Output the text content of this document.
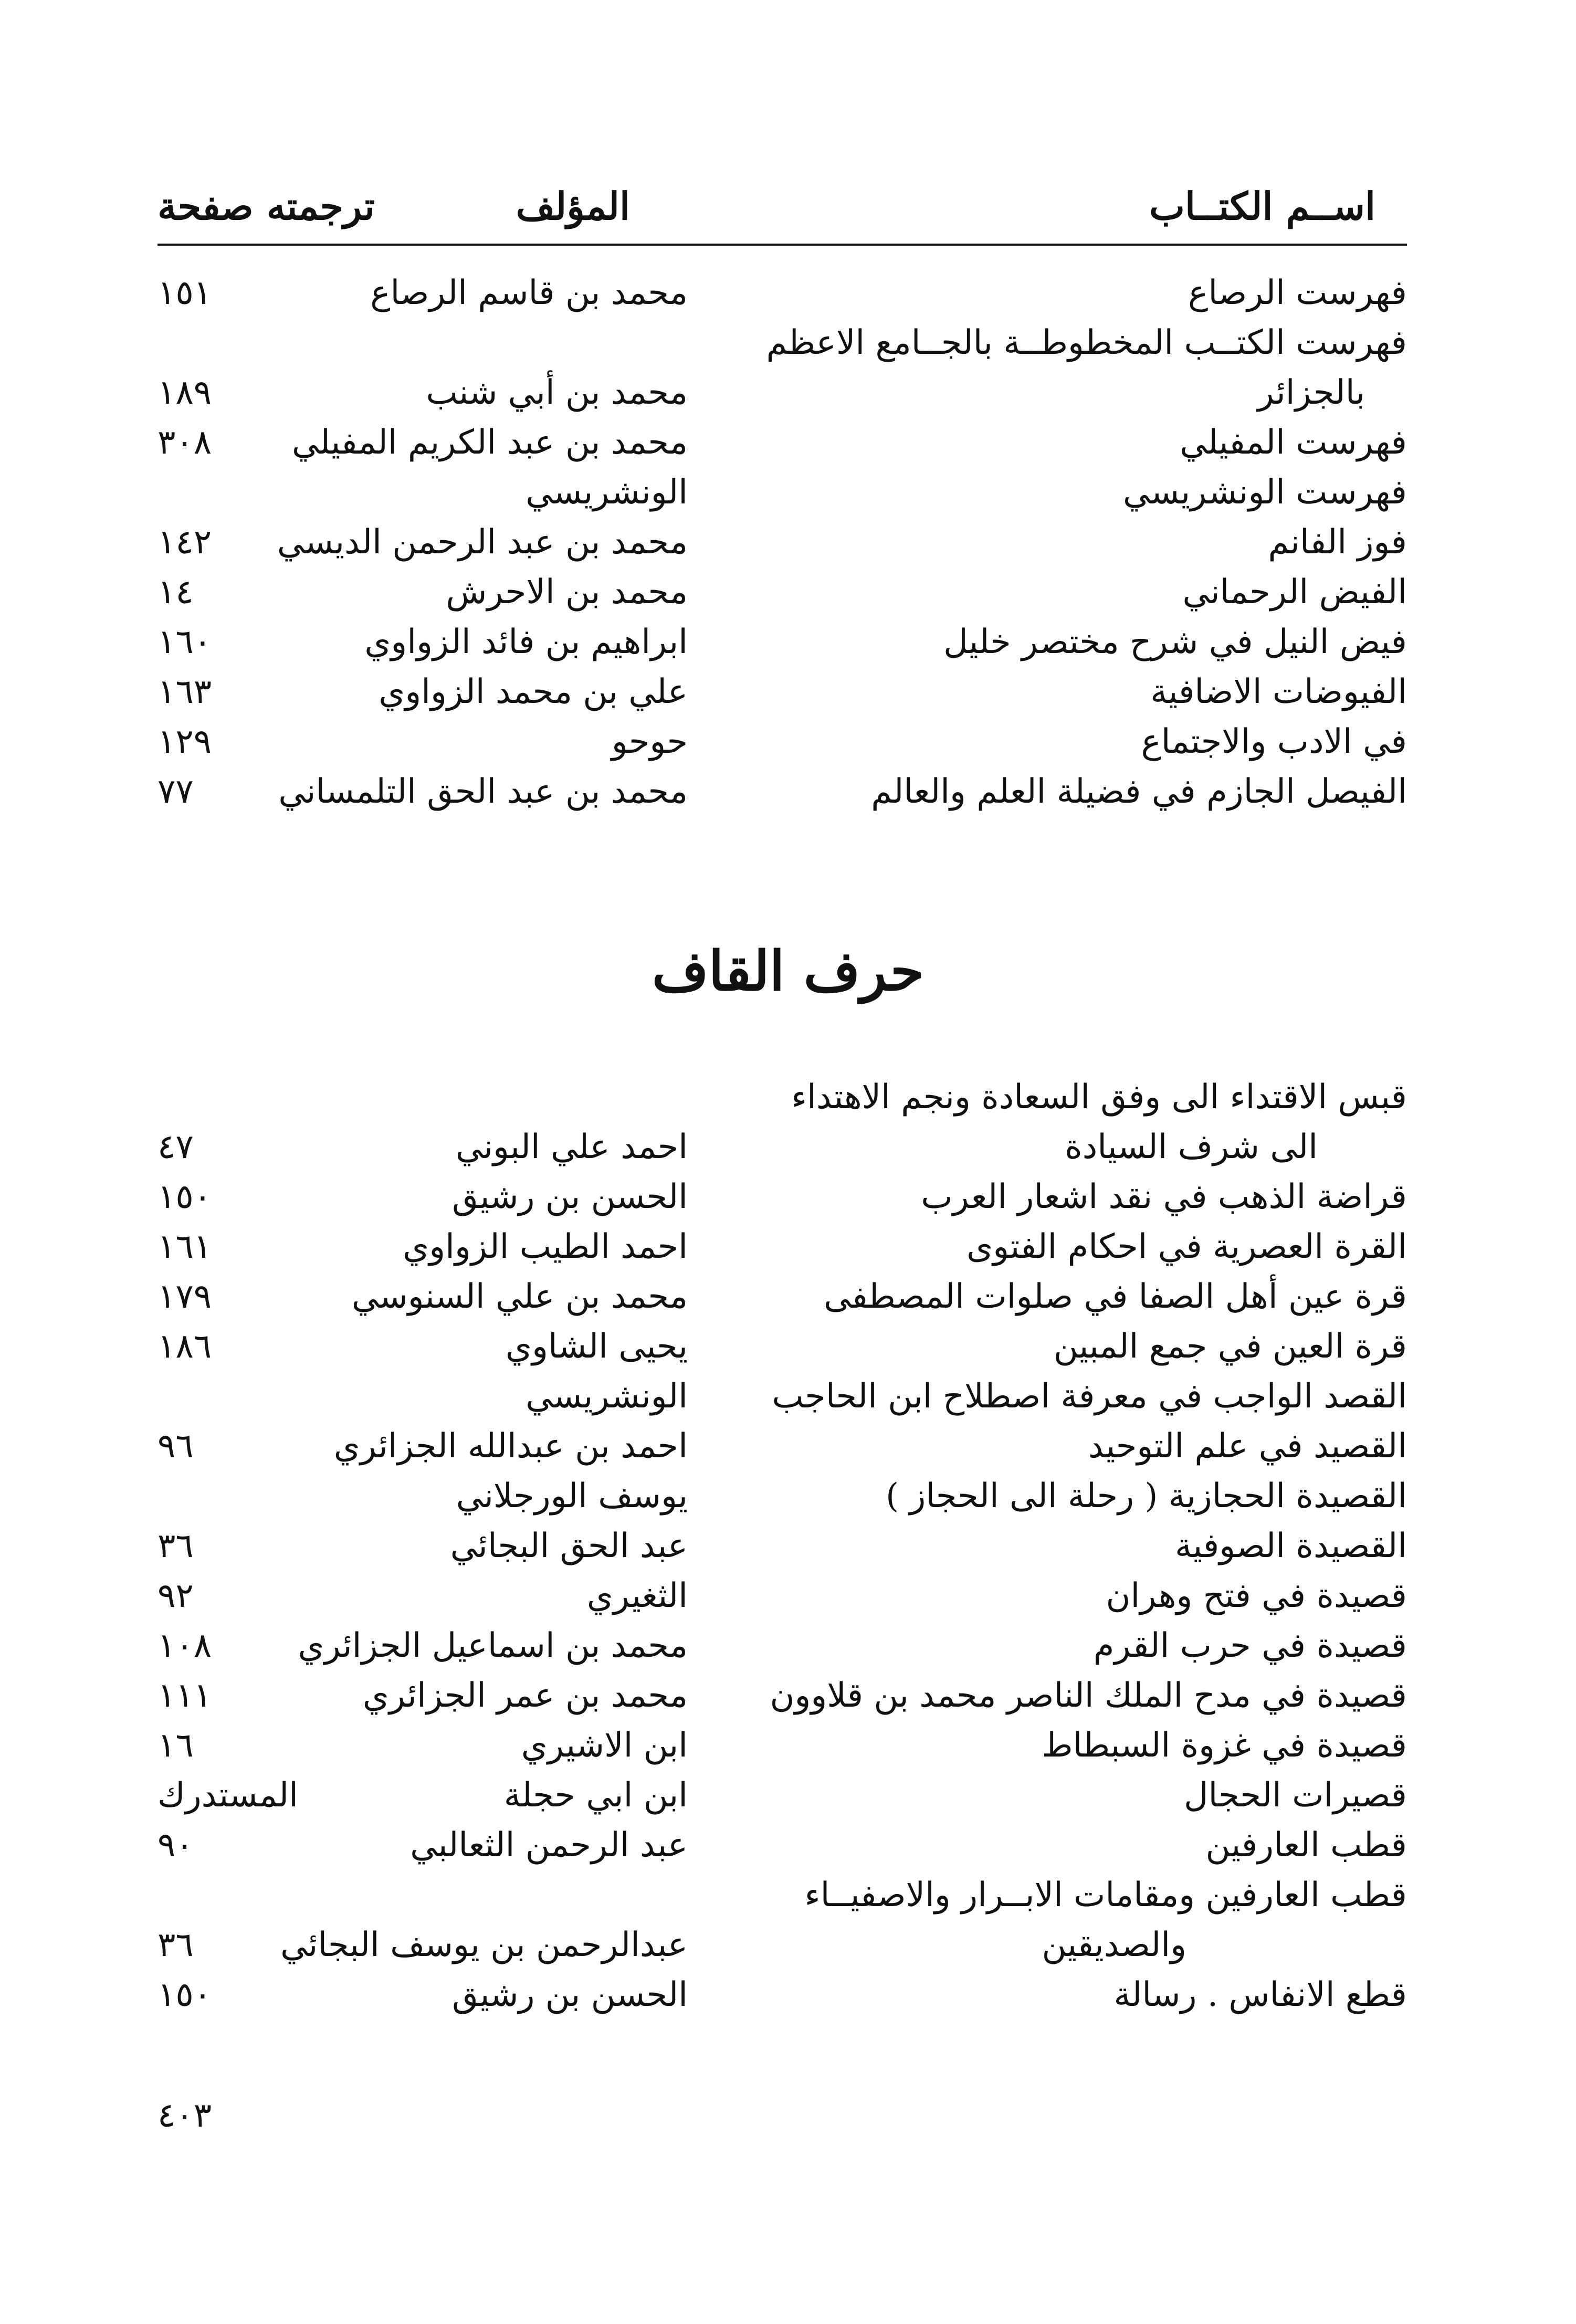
اســم الكتــاب
المؤلف
ترجمته صفحة
فهرست الرصاع
محمد بن قاسم الرصاع
١٥١
فهرست الكتــب المخطوطــة بالجــامع الاعظم
بالجزائر
محمد بن أبي شنب
١٨٩
فهرست المفيلي
محمد بن عبد الكريم المفيلي
٣٠٨
فهرست الونشريسي
الونشريسي
فوز الفانم
محمد بن عبد الرحمن الديسي
١٤٢
الفيض الرحماني
محمد بن الاحرش
١٤
فيض النيل في شرح مختصر خليل
ابراهيم بن فائد الزواوي
١٦٠
الفيوضات الاضافية
علي بن محمد الزواوي
١٦٣
في الادب والاجتماع
حوحو
١٢٩
الفيصل الجازم في فضيلة العلم والعالم
محمد بن عبد الحق التلمساني
٧٧
حرف القاف
قبس الاقتداء الى وفق السعادة ونجم الاهتداء
الى شرف السيادة
احمد علي البوني
٤٧
قراضة الذهب في نقد اشعار العرب
الحسن بن رشيق
١٥٠
القرة العصرية في احكام الفتوى
احمد الطيب الزواوي
١٦١
قرة عين أهل الصفا في صلوات المصطفى
محمد بن علي السنوسي
١٧٩
قرة العين في جمع المبين
يحيى الشاوي
١٨٦
القصد الواجب في معرفة اصطلاح ابن الحاجب
الونشريسي
القصيد في علم التوحيد
احمد بن عبدالله الجزائري
٩٦
القصيدة الحجازية ( رحلة الى الحجاز )
يوسف الورجلاني
القصيدة الصوفية
عبد الحق البجائي
٣٦
قصيدة في فتح وهران
الثغيري
٩٢
قصيدة في حرب القرم
محمد بن اسماعيل الجزائري
١٠٨
قصيدة في مدح الملك الناصر محمد بن قلاوون
محمد بن عمر الجزائري
١١١
قصيدة في غزوة السبطاط
ابن الاشيري
١٦
قصيرات الحجال
ابن ابي حجلة
المستدرك
قطب العارفين
عبد الرحمن الثعالبي
٩٠
قطب العارفين ومقامات الابــرار والاصفيــاء
والصديقين
عبدالرحمن بن يوسف البجائي
٣٦
قطع الانفاس . رسالة
الحسن بن رشيق
١٥٠
٤٠٣
